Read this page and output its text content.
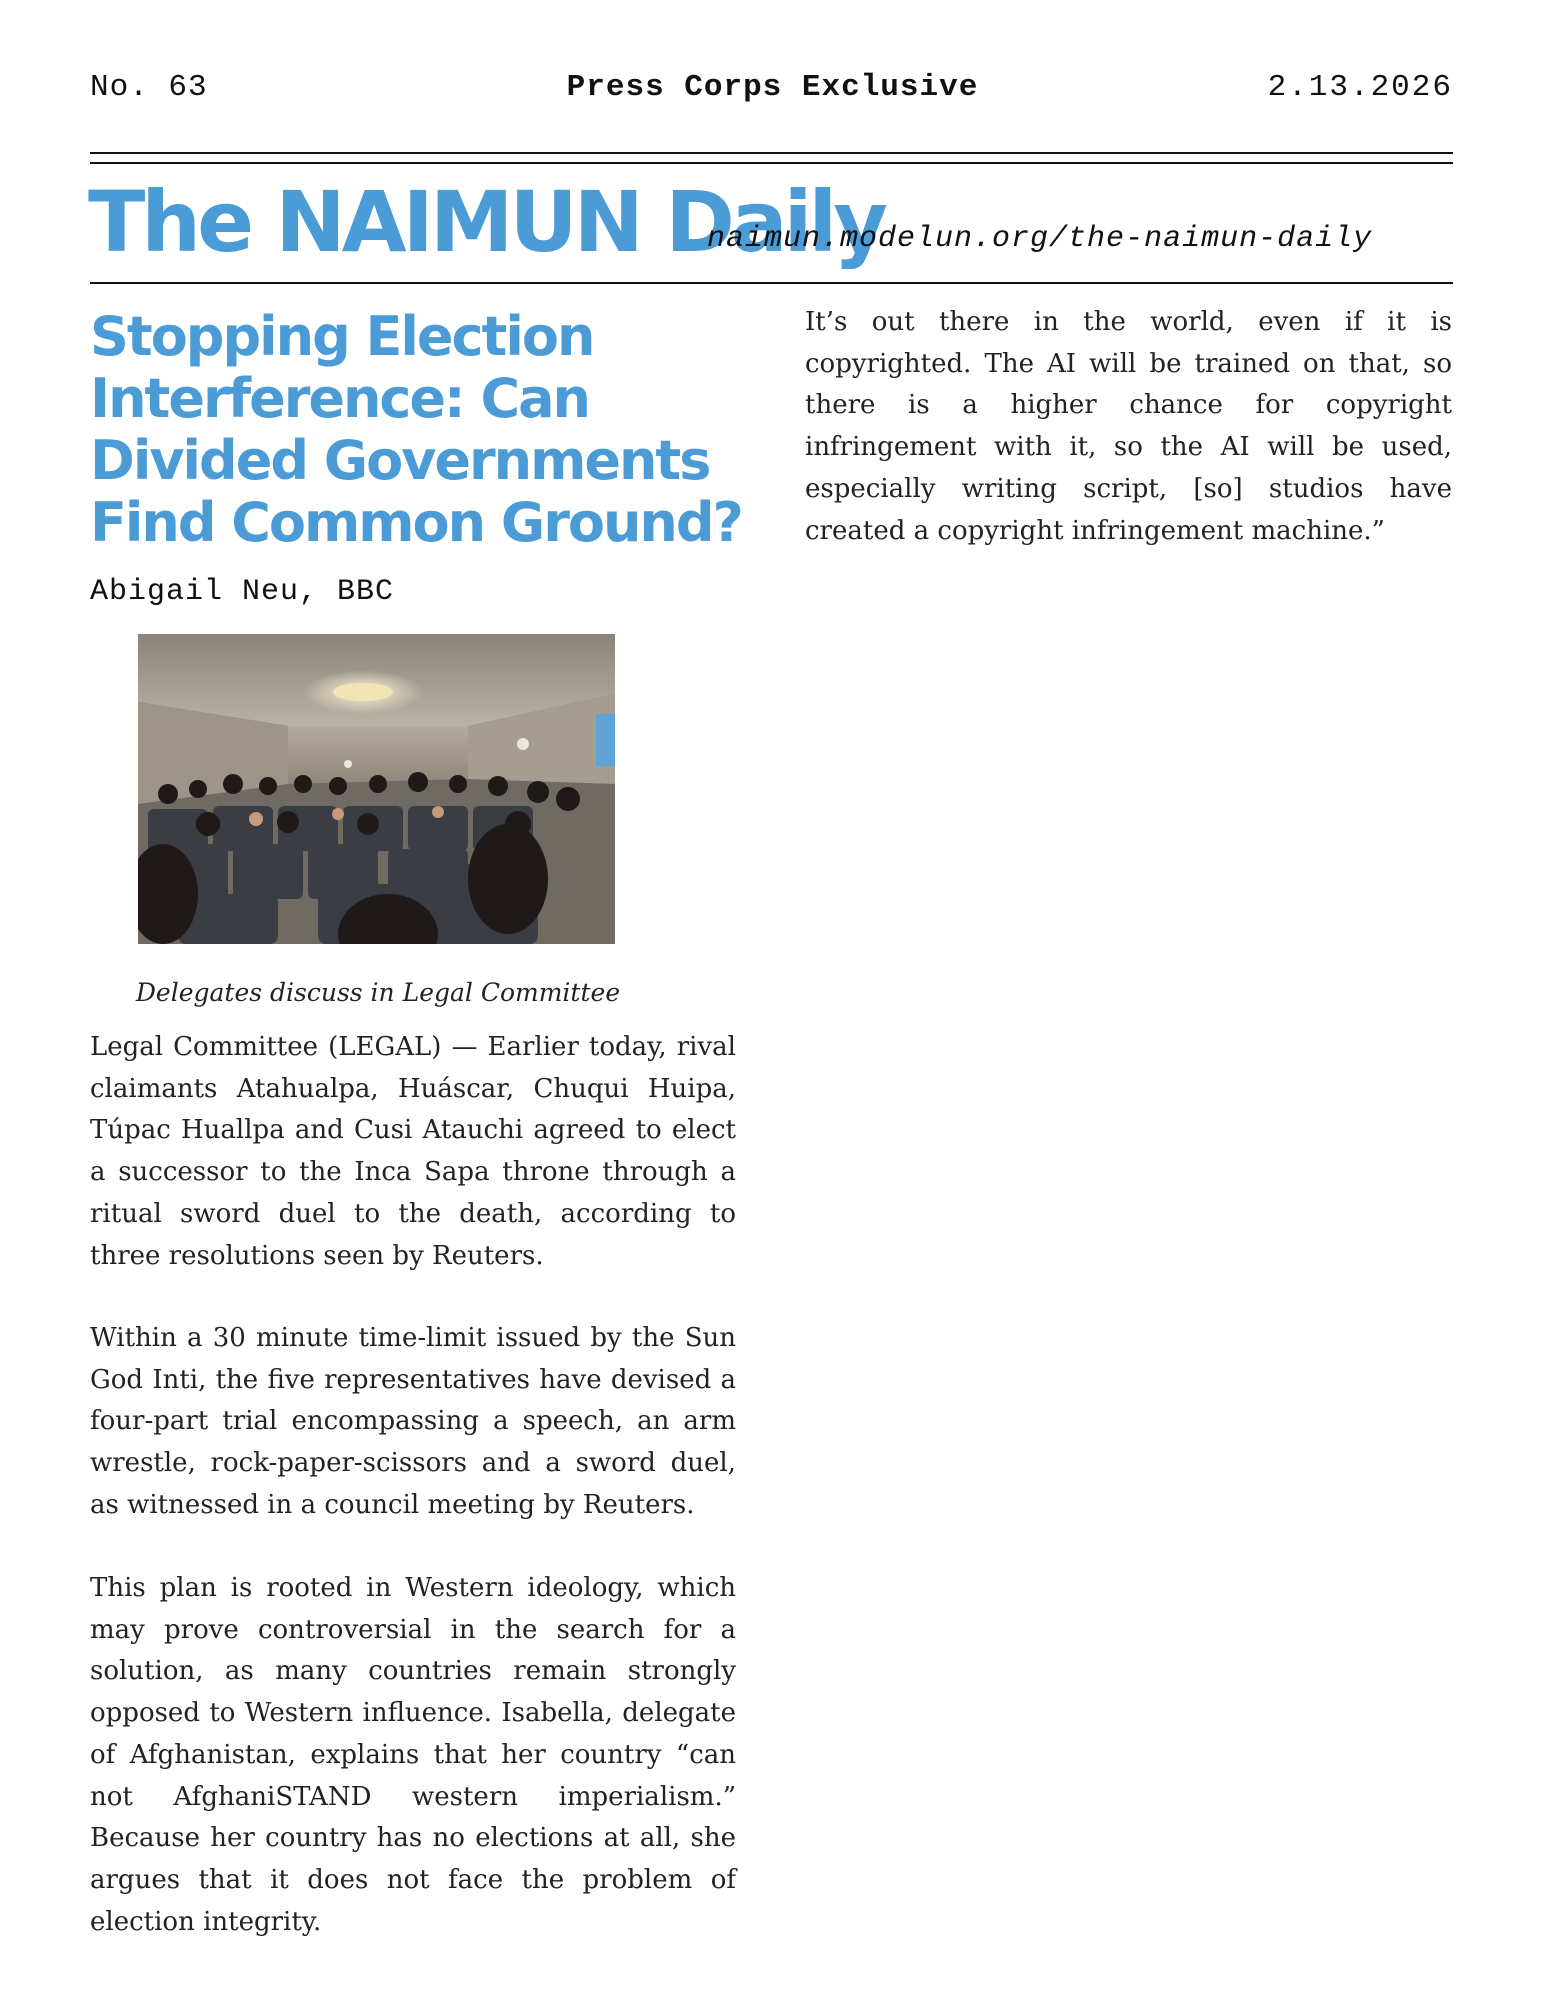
No. 63	Press Corps Exclusive	2.13.2026
The NAIMUN Daily
naimun.modelun.org/the-naimun-daily
Stopping Election Interference: Can Divided Governments Find Common Ground?
Abigail Neu, BBC
Delegates discuss in Legal Committee

Legal Committee (LEGAL) — Earlier today, rival claimants Atahualpa, Huáscar, Chuqui Huipa, Túpac Huallpa and Cusi Atauchi agreed to elect a successor to the Inca Sapa throne through a ritual sword duel to the death, according to three resolutions seen by Reuters.

Within a 30 minute time-limit issued by the Sun God Inti, the five representatives have devised a four-part trial encompassing a speech, an arm wrestle, rock-paper-scissors and a sword duel, as witnessed in a council meeting by Reuters.

This plan is rooted in Western ideology, which may prove controversial in the search for a solution, as many countries remain strongly opposed to Western influence. Isabella, delegate of Afghanistan, explains that her country “can not AfghaniSTAND western imperialism.” Because her country has no elections at all, she argues that it does not face the problem of election integrity.

It’s out there in the world, even if it is copyrighted. The AI will be trained on that, so there is a higher chance for copyright infringement with it, so the AI will be used, especially writing script, [so] studios have created a copyright infringement machine.”
